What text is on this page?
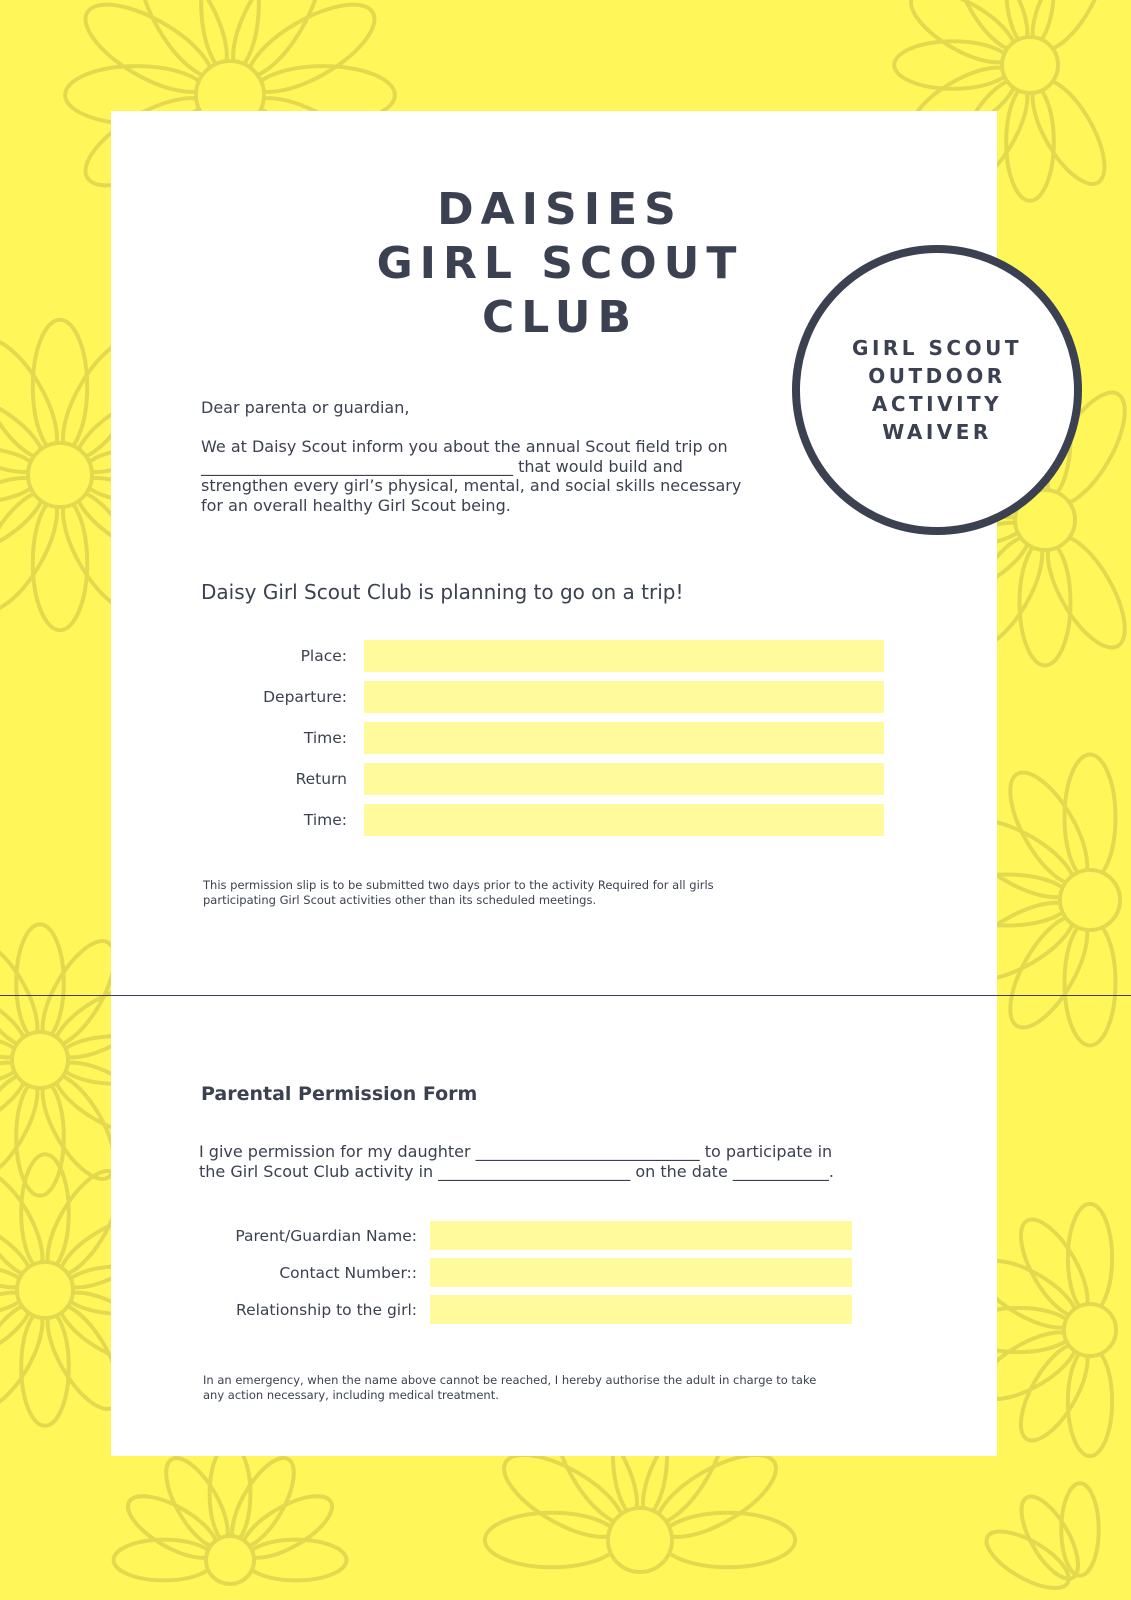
DAISIES
GIRL SCOUT
CLUB
GIRL SCOUT
OUTDOOR
ACTIVITY
WAIVER
Dear parenta or guardian,
We at Daisy Scout inform you about the annual Scout field trip on
_______________________________________ that would build and
strengthen every girl’s physical, mental, and social skills necessary
for an overall healthy Girl Scout being.
Daisy Girl Scout Club is planning to go on a trip!
Place:
Departure:
Time:
Return
Time:
This permission slip is to be submitted two days prior to the activity Required for all girls
participating Girl Scout activities other than its scheduled meetings.
Parental Permission Form
I give permission for my daughter ____________________________ to participate in
the Girl Scout Club activity in ________________________ on the date ____________.
Parent/Guardian Name:
Contact Number::
Relationship to the girl:
In an emergency, when the name above cannot be reached, I hereby authorise the adult in charge to take
any action necessary, including medical treatment.
